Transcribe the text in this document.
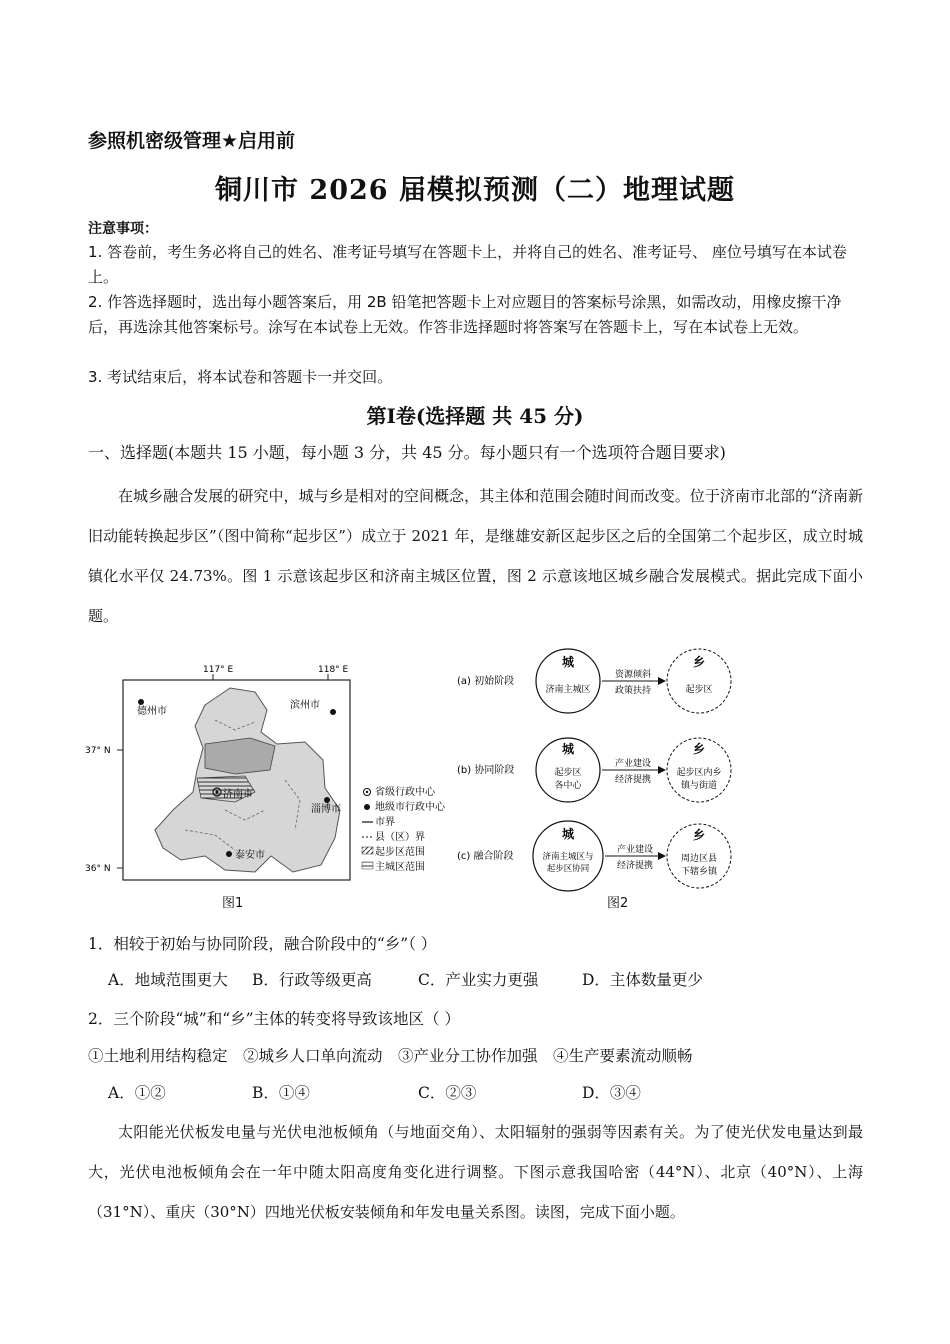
参照机密级管理★启用前
铜川市 2026 届模拟预测（二）地理试题
注意事项：
1. 答卷前，考生务必将自己的姓名、准考证号填写在答题卡上，并将自己的姓名、准考证号、 座位号填写在本试卷上。
2. 作答选择题时，选出每小题答案后，用 2B 铅笔把答题卡上对应题目的答案标号涂黑，如需改动，用橡皮擦干净后，再选涂其他答案标号。涂写在本试卷上无效。作答非选择题时将答案写在答题卡上，写在本试卷上无效。
3. 考试结束后，将本试卷和答题卡一并交回。
第Ⅰ卷(选择题 共 45 分)
一、选择题(本题共 15 小题，每小题 3 分，共 45 分。每小题只有一个选项符合题目要求)
在城乡融合发展的研究中，城与乡是相对的空间概念，其主体和范围会随时间而改变。位于济南市北部的“济南新旧动能转换起步区”（图中简称“起步区”）成立于 2021 年，是继雄安新区起步区之后的全国第二个起步区，成立时城镇化水平仅 24.73%。图 1 示意该起步区和济南主城区位置，图 2 示意该地区城乡融合发展模式。据此完成下面小题。
117° E	118° E
37° N
36° N
德州市
滨州市
济南市
淄博市
泰安市
省级行政中心
地级市行政中心
市界
县（区）界
起步区范围
主城区范围
图1
(a) 初始阶段
城
济南主城区
资源倾斜
政策扶持
乡
起步区
(b) 协同阶段
城
起步区
各中心
产业建设
经济提携
乡
起步区内乡
镇与街道
(c) 融合阶段
城
济南主城区与
起步区协同
产业建设
经济提携
乡
周边区县
下辖乡镇
图2
1．相较于初始与协同阶段，融合阶段中的“乡”（ ）
A．地域范围更大 B．行政等级更高	C．产业实力更强	D．主体数量更少
2．三个阶段“城”和“乡”主体的转变将导致该地区（ ）
①土地利用结构稳定　②城乡人口单向流动　③产业分工协作加强　④生产要素流动顺畅
A．①②	B．①④	C．②③	D．③④
太阳能光伏板发电量与光伏电池板倾角（与地面交角）、太阳辐射的强弱等因素有关。为了使光伏发电量达到最大，光伏电池板倾角会在一年中随太阳高度角变化进行调整。下图示意我国哈密（44°N）、北京（40°N）、上海（31°N）、重庆（30°N）四地光伏板安装倾角和年发电量关系图。读图，完成下面小题。
